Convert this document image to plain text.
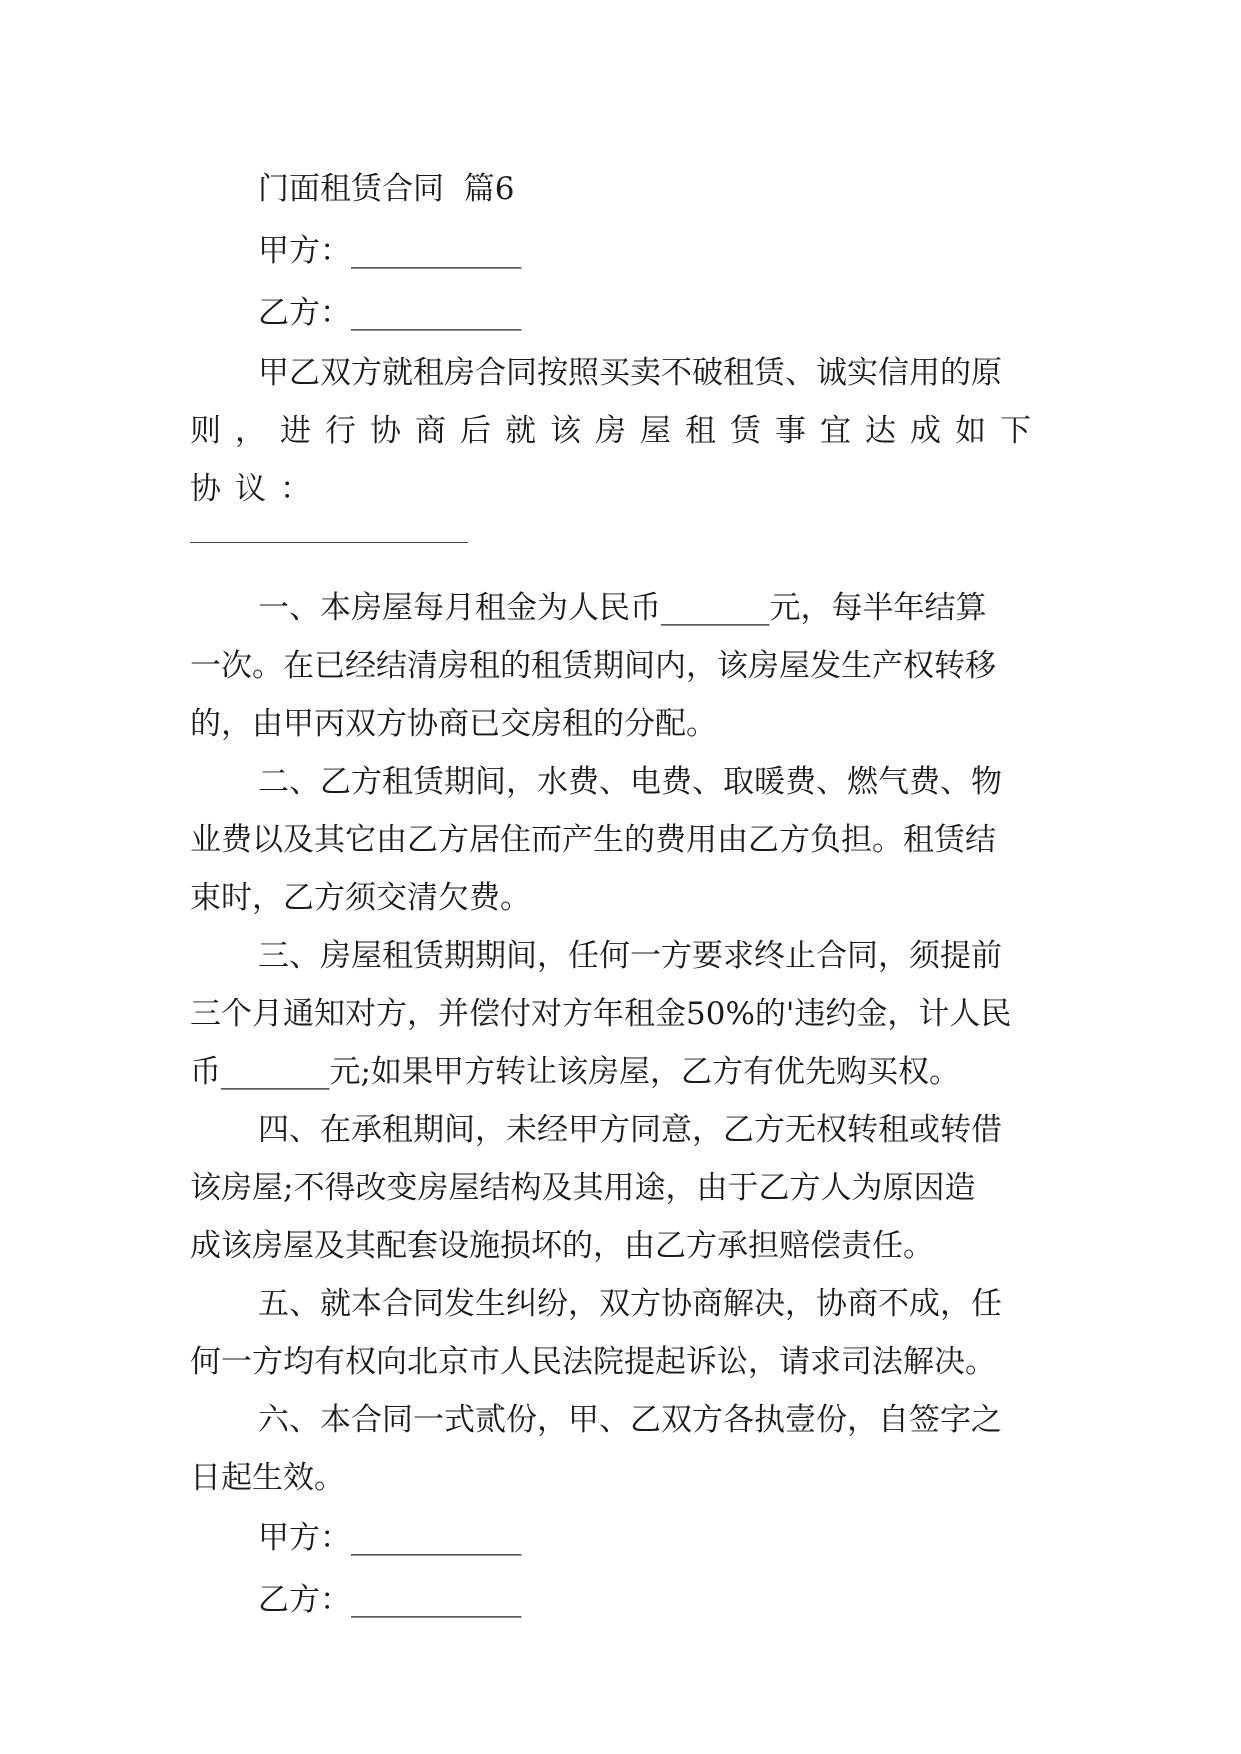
门面租赁合同  篇6

甲方：___________

乙方：___________

甲乙双方就租房合同按照买卖不破租赁、诚实信用的原

则，进行协商后就该房屋租赁事宜达成如下协议：

一、本房屋每月租金为人民币_______元，每半年结算

一次。在已经结清房租的租赁期间内，该房屋发生产权转移

的，由甲丙双方协商已交房租的分配。

二、乙方租赁期间，水费、电费、取暖费、燃气费、物

业费以及其它由乙方居住而产生的费用由乙方负担。租赁结

束时，乙方须交清欠费。

三、房屋租赁期期间，任何一方要求终止合同，须提前

三个月通知对方，并偿付对方年租金50%的'违约金，计人民

币_______元;如果甲方转让该房屋，乙方有优先购买权。

四、在承租期间，未经甲方同意，乙方无权转租或转借

该房屋;不得改变房屋结构及其用途，由于乙方人为原因造

成该房屋及其配套设施损坏的，由乙方承担赔偿责任。

五、就本合同发生纠纷，双方协商解决，协商不成，任

何一方均有权向北京市人民法院提起诉讼，请求司法解决。

六、本合同一式贰份，甲、乙双方各执壹份，自签字之

日起生效。

甲方：___________

乙方：___________
